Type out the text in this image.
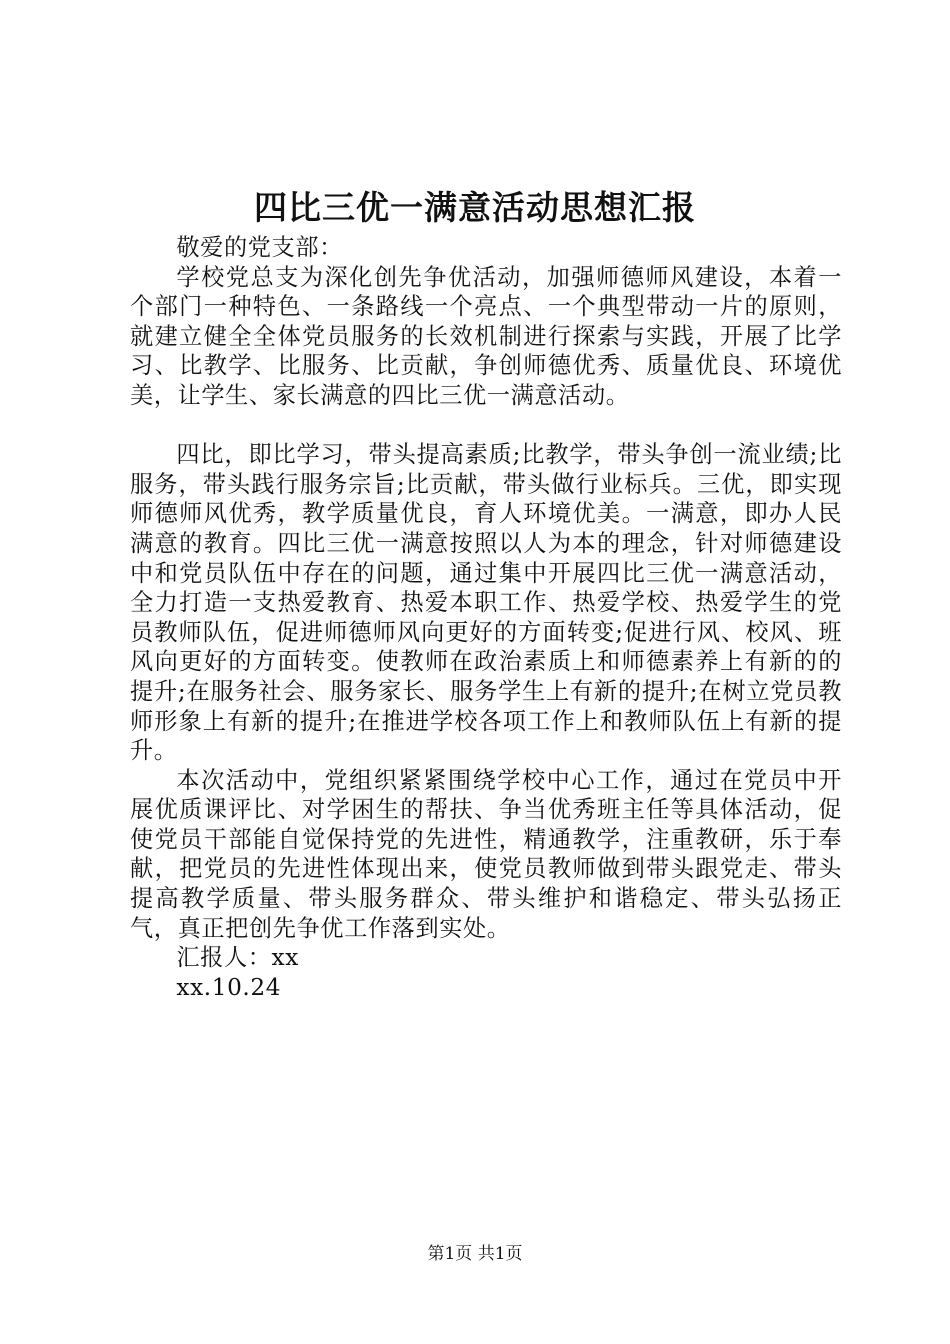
四比三优一满意活动思想汇报

敬爱的党支部：

学校党总支为深化创先争优活动，加强师德师风建设，本着一个部门一种特色、一条路线一个亮点、一个典型带动一片的原则，就建立健全全体党员服务的长效机制进行探索与实践，开展了比学习、比教学、比服务、比贡献，争创师德优秀、质量优良、环境优美，让学生、家长满意的四比三优一满意活动。

四比，即比学习，带头提高素质;比教学，带头争创一流业绩;比服务，带头践行服务宗旨;比贡献，带头做行业标兵。三优，即实现师德师风优秀，教学质量优良，育人环境优美。一满意，即办人民满意的教育。四比三优一满意按照以人为本的理念，针对师德建设中和党员队伍中存在的问题，通过集中开展四比三优一满意活动，全力打造一支热爱教育、热爱本职工作、热爱学校、热爱学生的党员教师队伍，促进师德师风向更好的方面转变;促进行风、校风、班风向更好的方面转变。使教师在政治素质上和师德素养上有新的的提升;在服务社会、服务家长、服务学生上有新的提升;在树立党员教师形象上有新的提升;在推进学校各项工作上和教师队伍上有新的提升。

本次活动中，党组织紧紧围绕学校中心工作，通过在党员中开展优质课评比、对学困生的帮扶、争当优秀班主任等具体活动，促使党员干部能自觉保持党的先进性，精通教学，注重教研，乐于奉献，把党员的先进性体现出来，使党员教师做到带头跟党走、带头提高教学质量、带头服务群众、带头维护和谐稳定、带头弘扬正气，真正把创先争优工作落到实处。

汇报人：xx

xx.10.24

第1页 共1页
